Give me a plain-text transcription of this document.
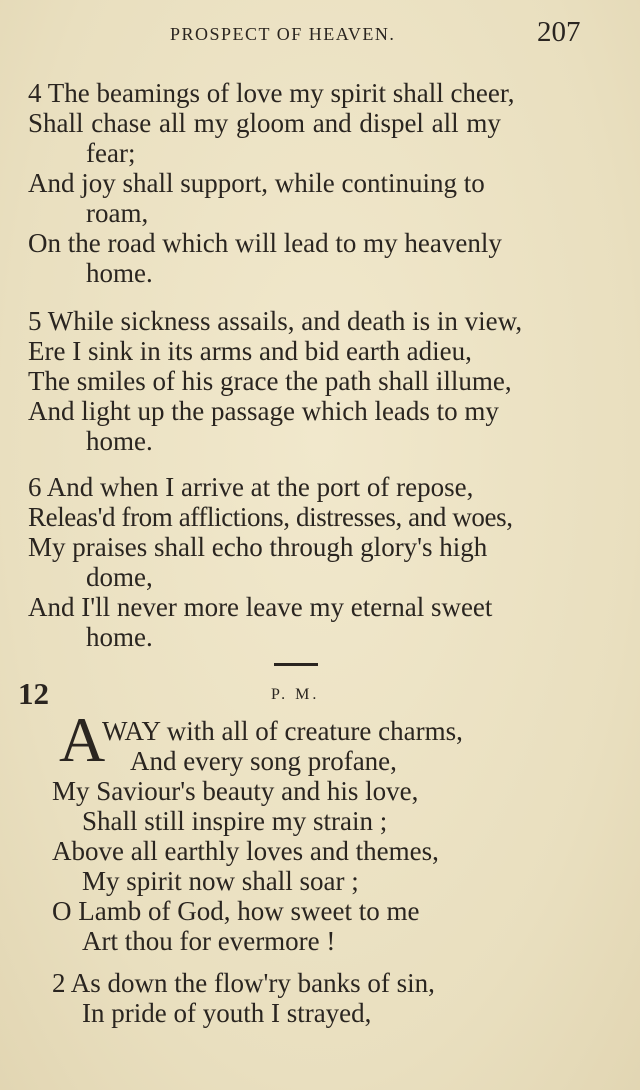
PROSPECT OF HEAVEN.	207
4 The beamings of love my spirit shall cheer,
Shall chase all my gloom and dispel all my
fear;
And joy shall support, while continuing to
roam,
On the road which will lead to my heavenly
home.
5 While sickness assails, and death is in view,
Ere I sink in its arms and bid earth adieu,
The smiles of his grace the path shall illume,
And light up the passage which leads to my
home.
6 And when I arrive at the port of repose,
Releas'd from afflictions, distresses, and woes,
My praises shall echo through glory's high
dome,
And I'll never more leave my eternal sweet
home.
12	P. M.
A
WAY with all of creature charms,
And every song profane,
My Saviour's beauty and his love,
Shall still inspire my strain ;
Above all earthly loves and themes,
My spirit now shall soar ;
O Lamb of God, how sweet to me
Art thou for evermore !
2 As down the flow'ry banks of sin,
In pride of youth I strayed,
